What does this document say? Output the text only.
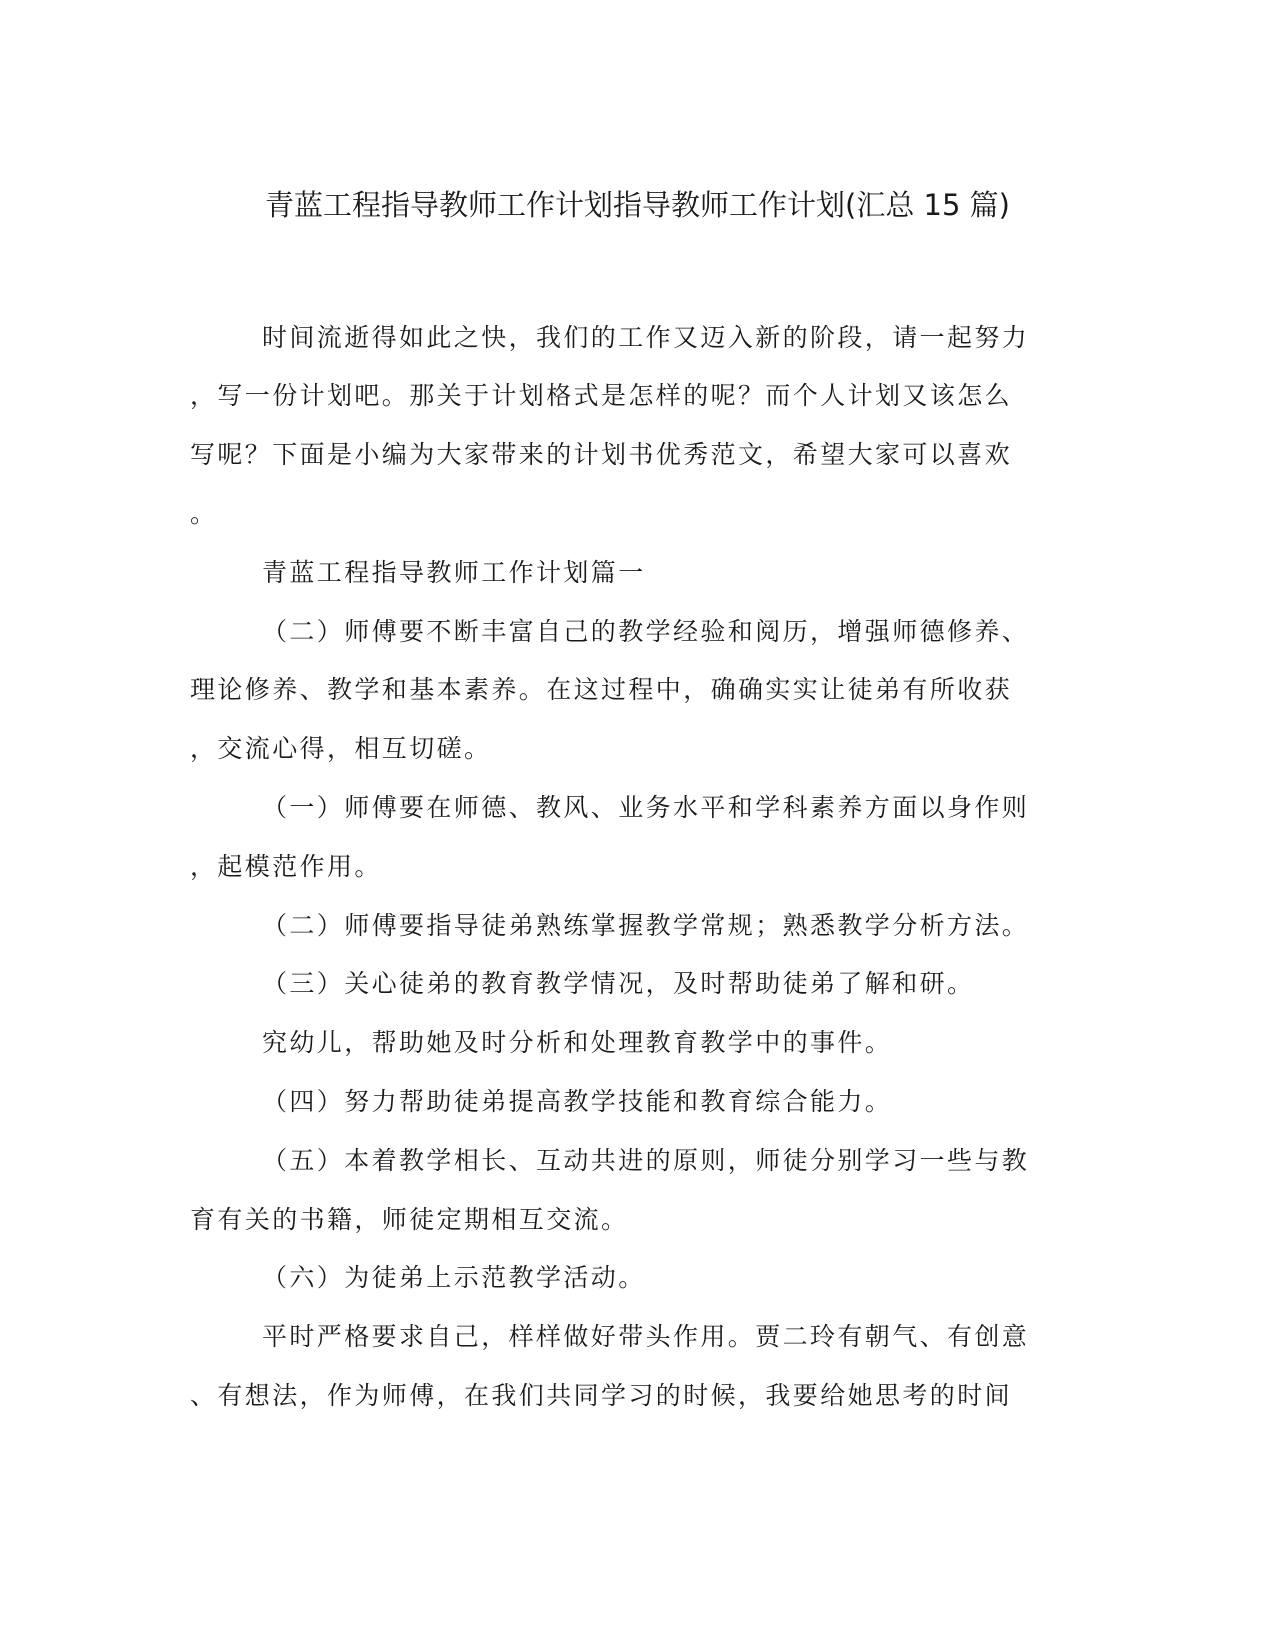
青蓝工程指导教师工作计划指导教师工作计划(汇总 15 篇)
时间流逝得如此之快，我们的工作又迈入新的阶段，请一起努力
，写一份计划吧。那关于计划格式是怎样的呢？而个人计划又该怎么
写呢？下面是小编为大家带来的计划书优秀范文，希望大家可以喜欢
。
青蓝工程指导教师工作计划篇一
（二）师傅要不断丰富自己的教学经验和阅历，增强师德修养、
理论修养、教学和基本素养。在这过程中，确确实实让徒弟有所收获
，交流心得，相互切磋。
（一）师傅要在师德、教风、业务水平和学科素养方面以身作则
，起模范作用。
（二）师傅要指导徒弟熟练掌握教学常规；熟悉教学分析方法。
（三）关心徒弟的教育教学情况，及时帮助徒弟了解和研。
究幼儿，帮助她及时分析和处理教育教学中的事件。
（四）努力帮助徒弟提高教学技能和教育综合能力。
（五）本着教学相长、互动共进的原则，师徒分别学习一些与教
育有关的书籍，师徒定期相互交流。
（六）为徒弟上示范教学活动。
平时严格要求自己，样样做好带头作用。贾二玲有朝气、有创意
、有想法，作为师傅，在我们共同学习的时候，我要给她思考的时间
